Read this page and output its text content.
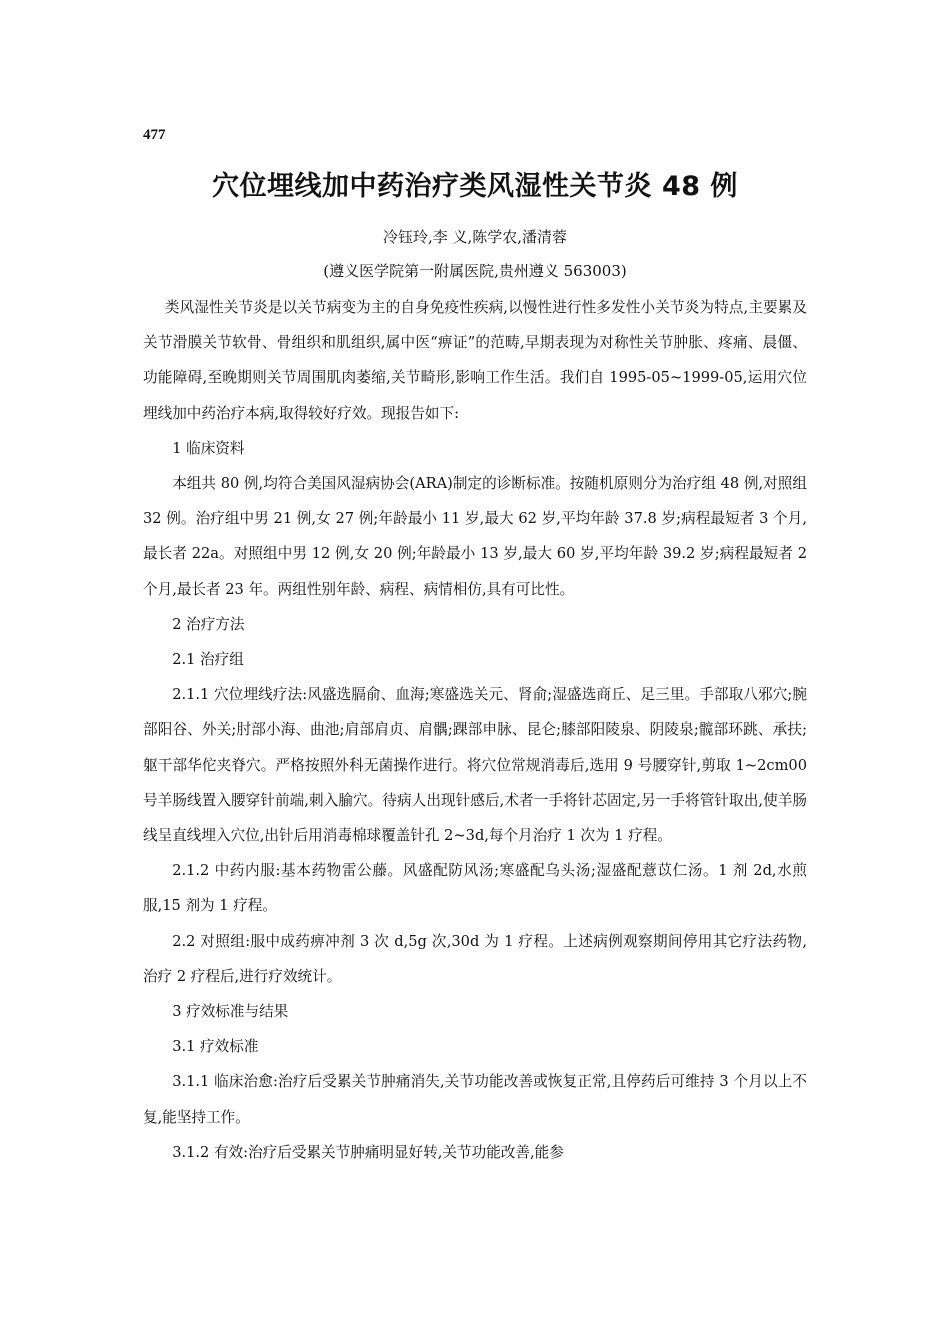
477
穴位埋线加中药治疗类风湿性关节炎 48 例
冷钰玲,李 义,陈学农,潘清蓉
(遵义医学院第一附属医院,贵州遵义 563003)

类风湿性关节炎是以关节病变为主的自身免疫性疾病,以慢性进行性多发性小关节炎为特点,主要累及关节滑膜关节软骨、骨组织和肌组织,属中医“痹证”的范畴,早期表现为对称性关节肿胀、疼痛、晨僵、功能障碍,至晚期则关节周围肌肉萎缩,关节畸形,影响工作生活。我们自 1995-05~1999-05,运用穴位埋线加中药治疗本病,取得较好疗效。现报告如下:

1 临床资料

本组共 80 例,均符合美国风湿病协会(ARA)制定的诊断标准。按随机原则分为治疗组 48 例,对照组 32 例。治疗组中男 21 例,女 27 例;年龄最小 11 岁,最大 62 岁,平均年龄 37.8 岁;病程最短者 3 个月,最长者 22a。对照组中男 12 例,女 20 例;年龄最小 13 岁,最大 60 岁,平均年龄 39.2 岁;病程最短者 2 个月,最长者 23 年。两组性别年龄、病程、病情相仿,具有可比性。

2 治疗方法

2.1 治疗组

2.1.1 穴位埋线疗法:风盛选膈俞、血海;寒盛选关元、肾俞;湿盛选商丘、足三里。手部取八邪穴;腕部阳谷、外关;肘部小海、曲池;肩部肩贞、肩髃;踝部申脉、昆仑;膝部阳陵泉、阴陵泉;髋部环跳、承扶;躯干部华佗夹脊穴。严格按照外科无菌操作进行。将穴位常规消毒后,选用 9 号腰穿针,剪取 1~2cm00 号羊肠线置入腰穿针前端,刺入腧穴。待病人出现针感后,术者一手将针芯固定,另一手将管针取出,使羊肠线呈直线埋入穴位,出针后用消毒棉球覆盖针孔 2~3d,每个月治疗 1 次为 1 疗程。

2.1.2 中药内服:基本药物雷公藤。风盛配防风汤;寒盛配乌头汤;湿盛配薏苡仁汤。1 剂 2d,水煎服,15 剂为 1 疗程。

2.2 对照组:服中成药痹冲剂 3 次 d,5g 次,30d 为 1 疗程。上述病例观察期间停用其它疗法药物,治疗 2 疗程后,进行疗效统计。

3 疗效标准与结果

3.1 疗效标准

3.1.1 临床治愈:治疗后受累关节肿痛消失,关节功能改善或恢复正常,且停药后可维持 3 个月以上不复,能坚持工作。

3.1.2 有效:治疗后受累关节肿痛明显好转,关节功能改善,能参
